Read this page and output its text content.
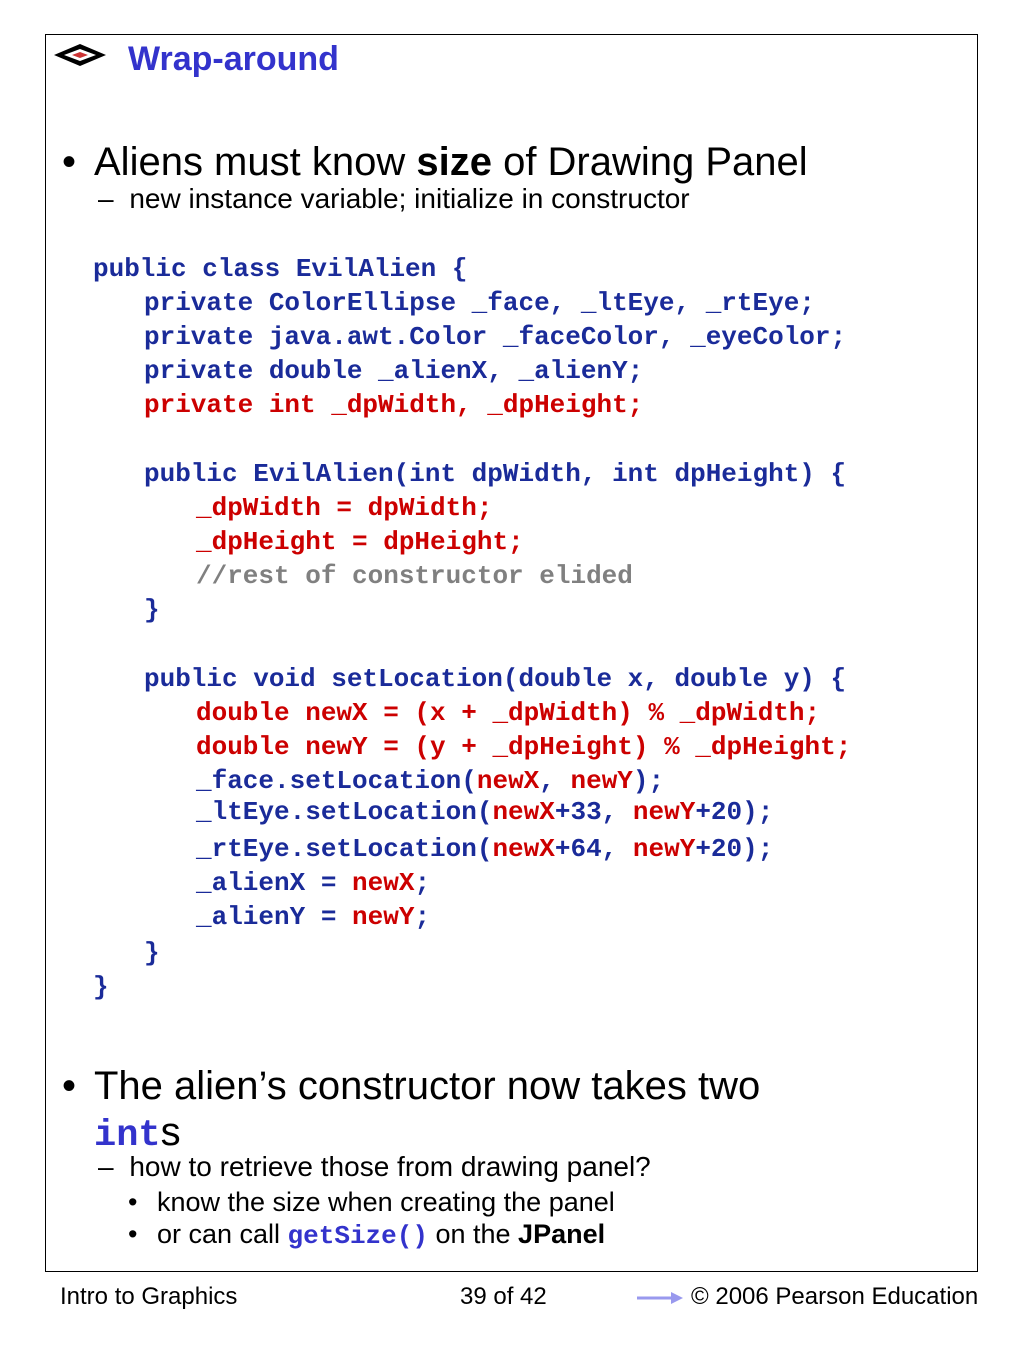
Wrap-around
• Aliens must know size of Drawing Panel
– new instance variable; initialize in constructor

public class EvilAlien {

private ColorEllipse _face, _ltEye, _rtEye;

private java.awt.Color _faceColor, _eyeColor;

private double _alienX, _alienY;

private int _dpWidth, _dpHeight;

public EvilAlien(int dpWidth, int dpHeight) {

_dpWidth = dpWidth;

_dpHeight = dpHeight;

//rest of constructor elided

}

public void setLocation(double x, double y) {

double newX = (x + _dpWidth) % _dpWidth;

double newY = (y + _dpHeight) % _dpHeight;

_face.setLocation(newX, newY);

_ltEye.setLocation(newX+33, newY+20);

_rtEye.setLocation(newX+64, newY+20);

_alienX = newX;

_alienY = newY;

}

}

• The alien’s constructor now takes two
ints
– how to retrieve those from drawing panel?
• know the size when creating the panel
• or can call getSize() on the JPanel
Intro to Graphics	39 of 42	© 2006 Pearson Education
